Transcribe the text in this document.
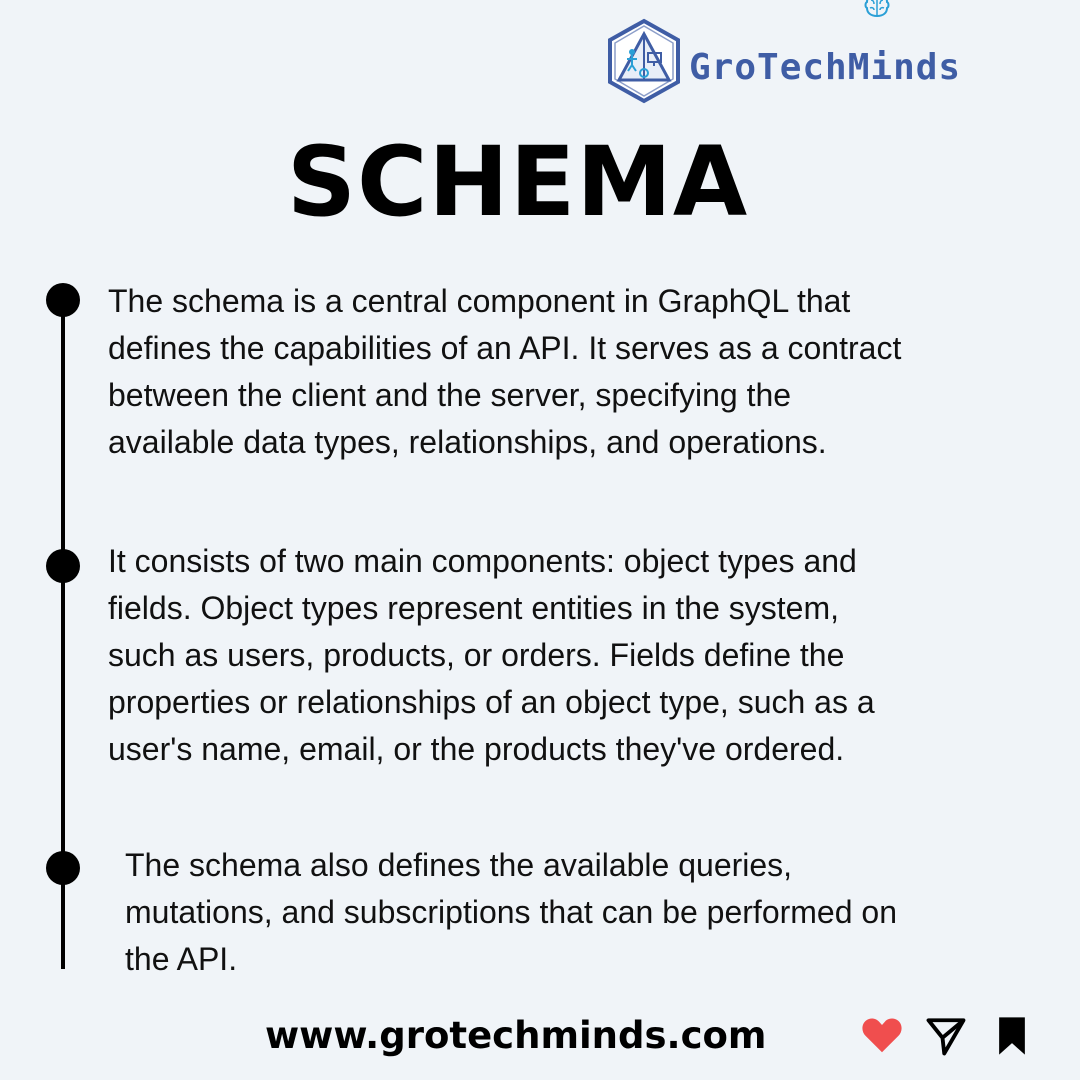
GroTechMinds
SCHEMA

The schema is a central component in GraphQL that
defines the capabilities of an API. It serves as a contract
between the client and the server, specifying the
available data types, relationships, and operations.

It consists of two main components: object types and
fields. Object types represent entities in the system,
such as users, products, or orders. Fields define the
properties or relationships of an object type, such as a
user's name, email, or the products they've ordered.

The schema also defines the available queries,
mutations, and subscriptions that can be performed on
the API.

www.grotechminds.com
